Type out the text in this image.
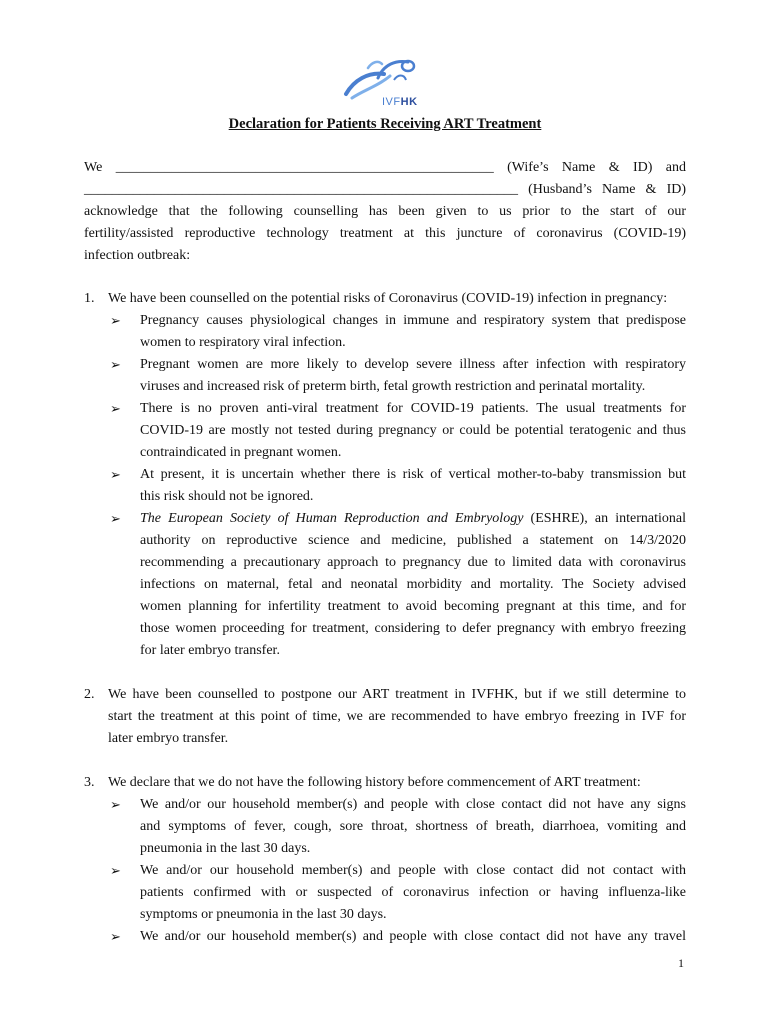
IVFHK
Declaration for Patients Receiving ART Treatment
We ______________________________________________________ (Wife’s Name & ID) and
______________________________________________________________ (Husband’s Name & ID)
acknowledge that the following counselling has been given to us prior to the start of our
fertility/assisted reproductive technology treatment at this juncture of coronavirus (COVID-19)
infection outbreak:
1. We have been counselled on the potential risks of Coronavirus (COVID-19) infection in pregnancy:
➢ Pregnancy causes physiological changes in immune and respiratory system that predispose
women to respiratory viral infection.
➢ Pregnant women are more likely to develop severe illness after infection with respiratory
viruses and increased risk of preterm birth, fetal growth restriction and perinatal mortality.
➢ There is no proven anti-viral treatment for COVID-19 patients. The usual treatments for
COVID-19 are mostly not tested during pregnancy or could be potential teratogenic and thus
contraindicated in pregnant women.
➢ At present, it is uncertain whether there is risk of vertical mother-to-baby transmission but
this risk should not be ignored.
➢ The European Society of Human Reproduction and Embryology (ESHRE), an international
authority on reproductive science and medicine, published a statement on 14/3/2020
recommending a precautionary approach to pregnancy due to limited data with coronavirus
infections on maternal, fetal and neonatal morbidity and mortality. The Society advised
women planning for infertility treatment to avoid becoming pregnant at this time, and for
those women proceeding for treatment, considering to defer pregnancy with embryo freezing
for later embryo transfer.
2. We have been counselled to postpone our ART treatment in IVFHK, but if we still determine to
start the treatment at this point of time, we are recommended to have embryo freezing in IVF for
later embryo transfer.
3. We declare that we do not have the following history before commencement of ART treatment:
➢ We and/or our household member(s) and people with close contact did not have any signs
and symptoms of fever, cough, sore throat, shortness of breath, diarrhoea, vomiting and
pneumonia in the last 30 days.
➢ We and/or our household member(s) and people with close contact did not contact with
patients confirmed with or suspected of coronavirus infection or having influenza-like
symptoms or pneumonia in the last 30 days.
➢ We and/or our household member(s) and people with close contact did not have any travel
1
